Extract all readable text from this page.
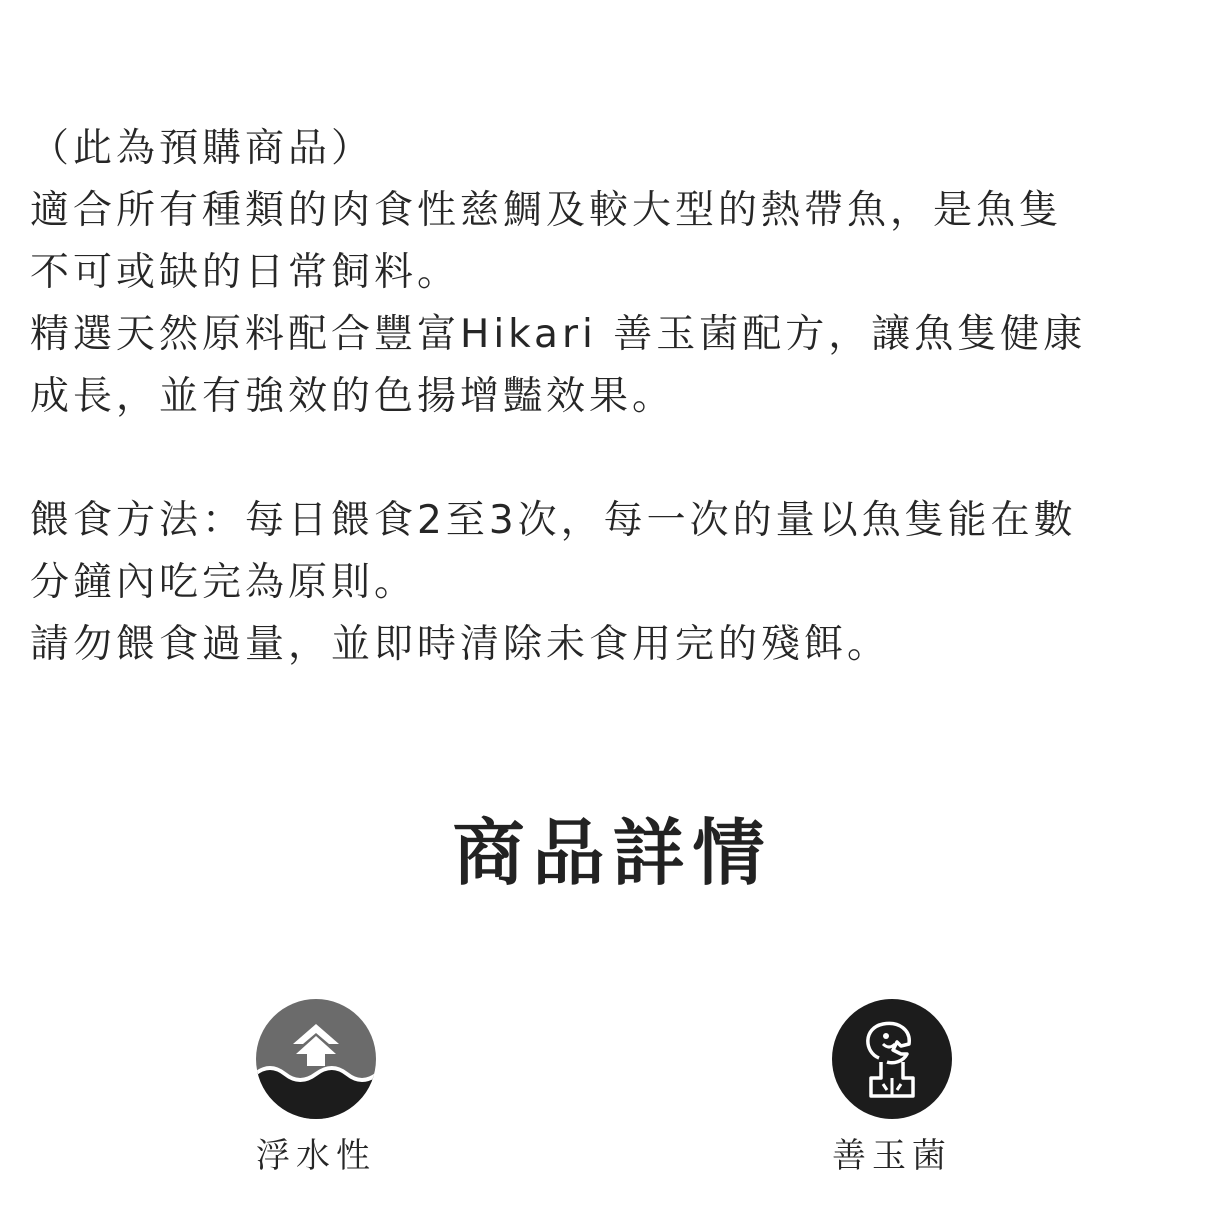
（此為預購商品）

適合所有種類的肉食性慈鯛及較大型的熱帶魚，是魚隻

不可或缺的日常飼料。

精選天然原料配合豐富Hikari 善玉菌配方，讓魚隻健康

成長，並有強效的色揚增豔效果。

餵食方法：每日餵食2至3次，每一次的量以魚隻能在數

分鐘內吃完為原則。

請勿餵食過量，並即時清除未食用完的殘餌。

商品詳情
浮水性	善玉菌
